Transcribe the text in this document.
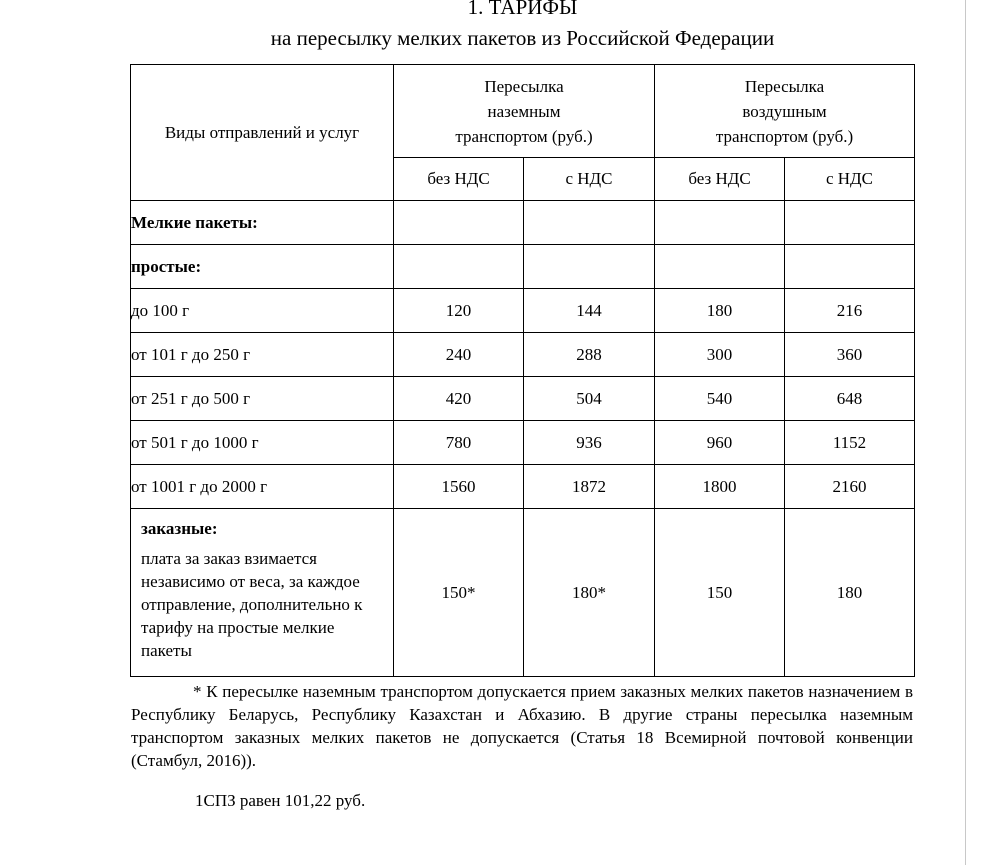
1. ТАРИФЫ
на пересылку мелких пакетов из Российской Федерации
Виды отправлений и услуг	Пересылка наземным транспортом (руб.)		Пересылка воздушным транспортом (руб.)	

	без НДС	с НДС	без НДС	с НДС
Мелкие пакеты:				
простые:				
до 100 г	120	144	180	216
от 101 г до 250 г	240	288	300	360
от 251 г до 500 г	420	504	540	648
от 501 г до 1000 г	780	936	960	1152
от 1001 г до 2000 г	1560	1872	1800	2160

заказные:
плата за заказ взимается независимо от веса, за каждое отправление, дополнительно к тарифу на простые мелкие пакеты	150*	180*	150	180

* К пересылке наземным транспортом допускается прием заказных мелких пакетов назначением в Республику Беларусь, Республику Казахстан и Абхазию. В другие страны пересылка наземным транспортом заказных мелких пакетов не допускается (Статья 18 Всемирной почтовой конвенции (Стамбул, 2016)).

1СПЗ равен 101,22 руб.
